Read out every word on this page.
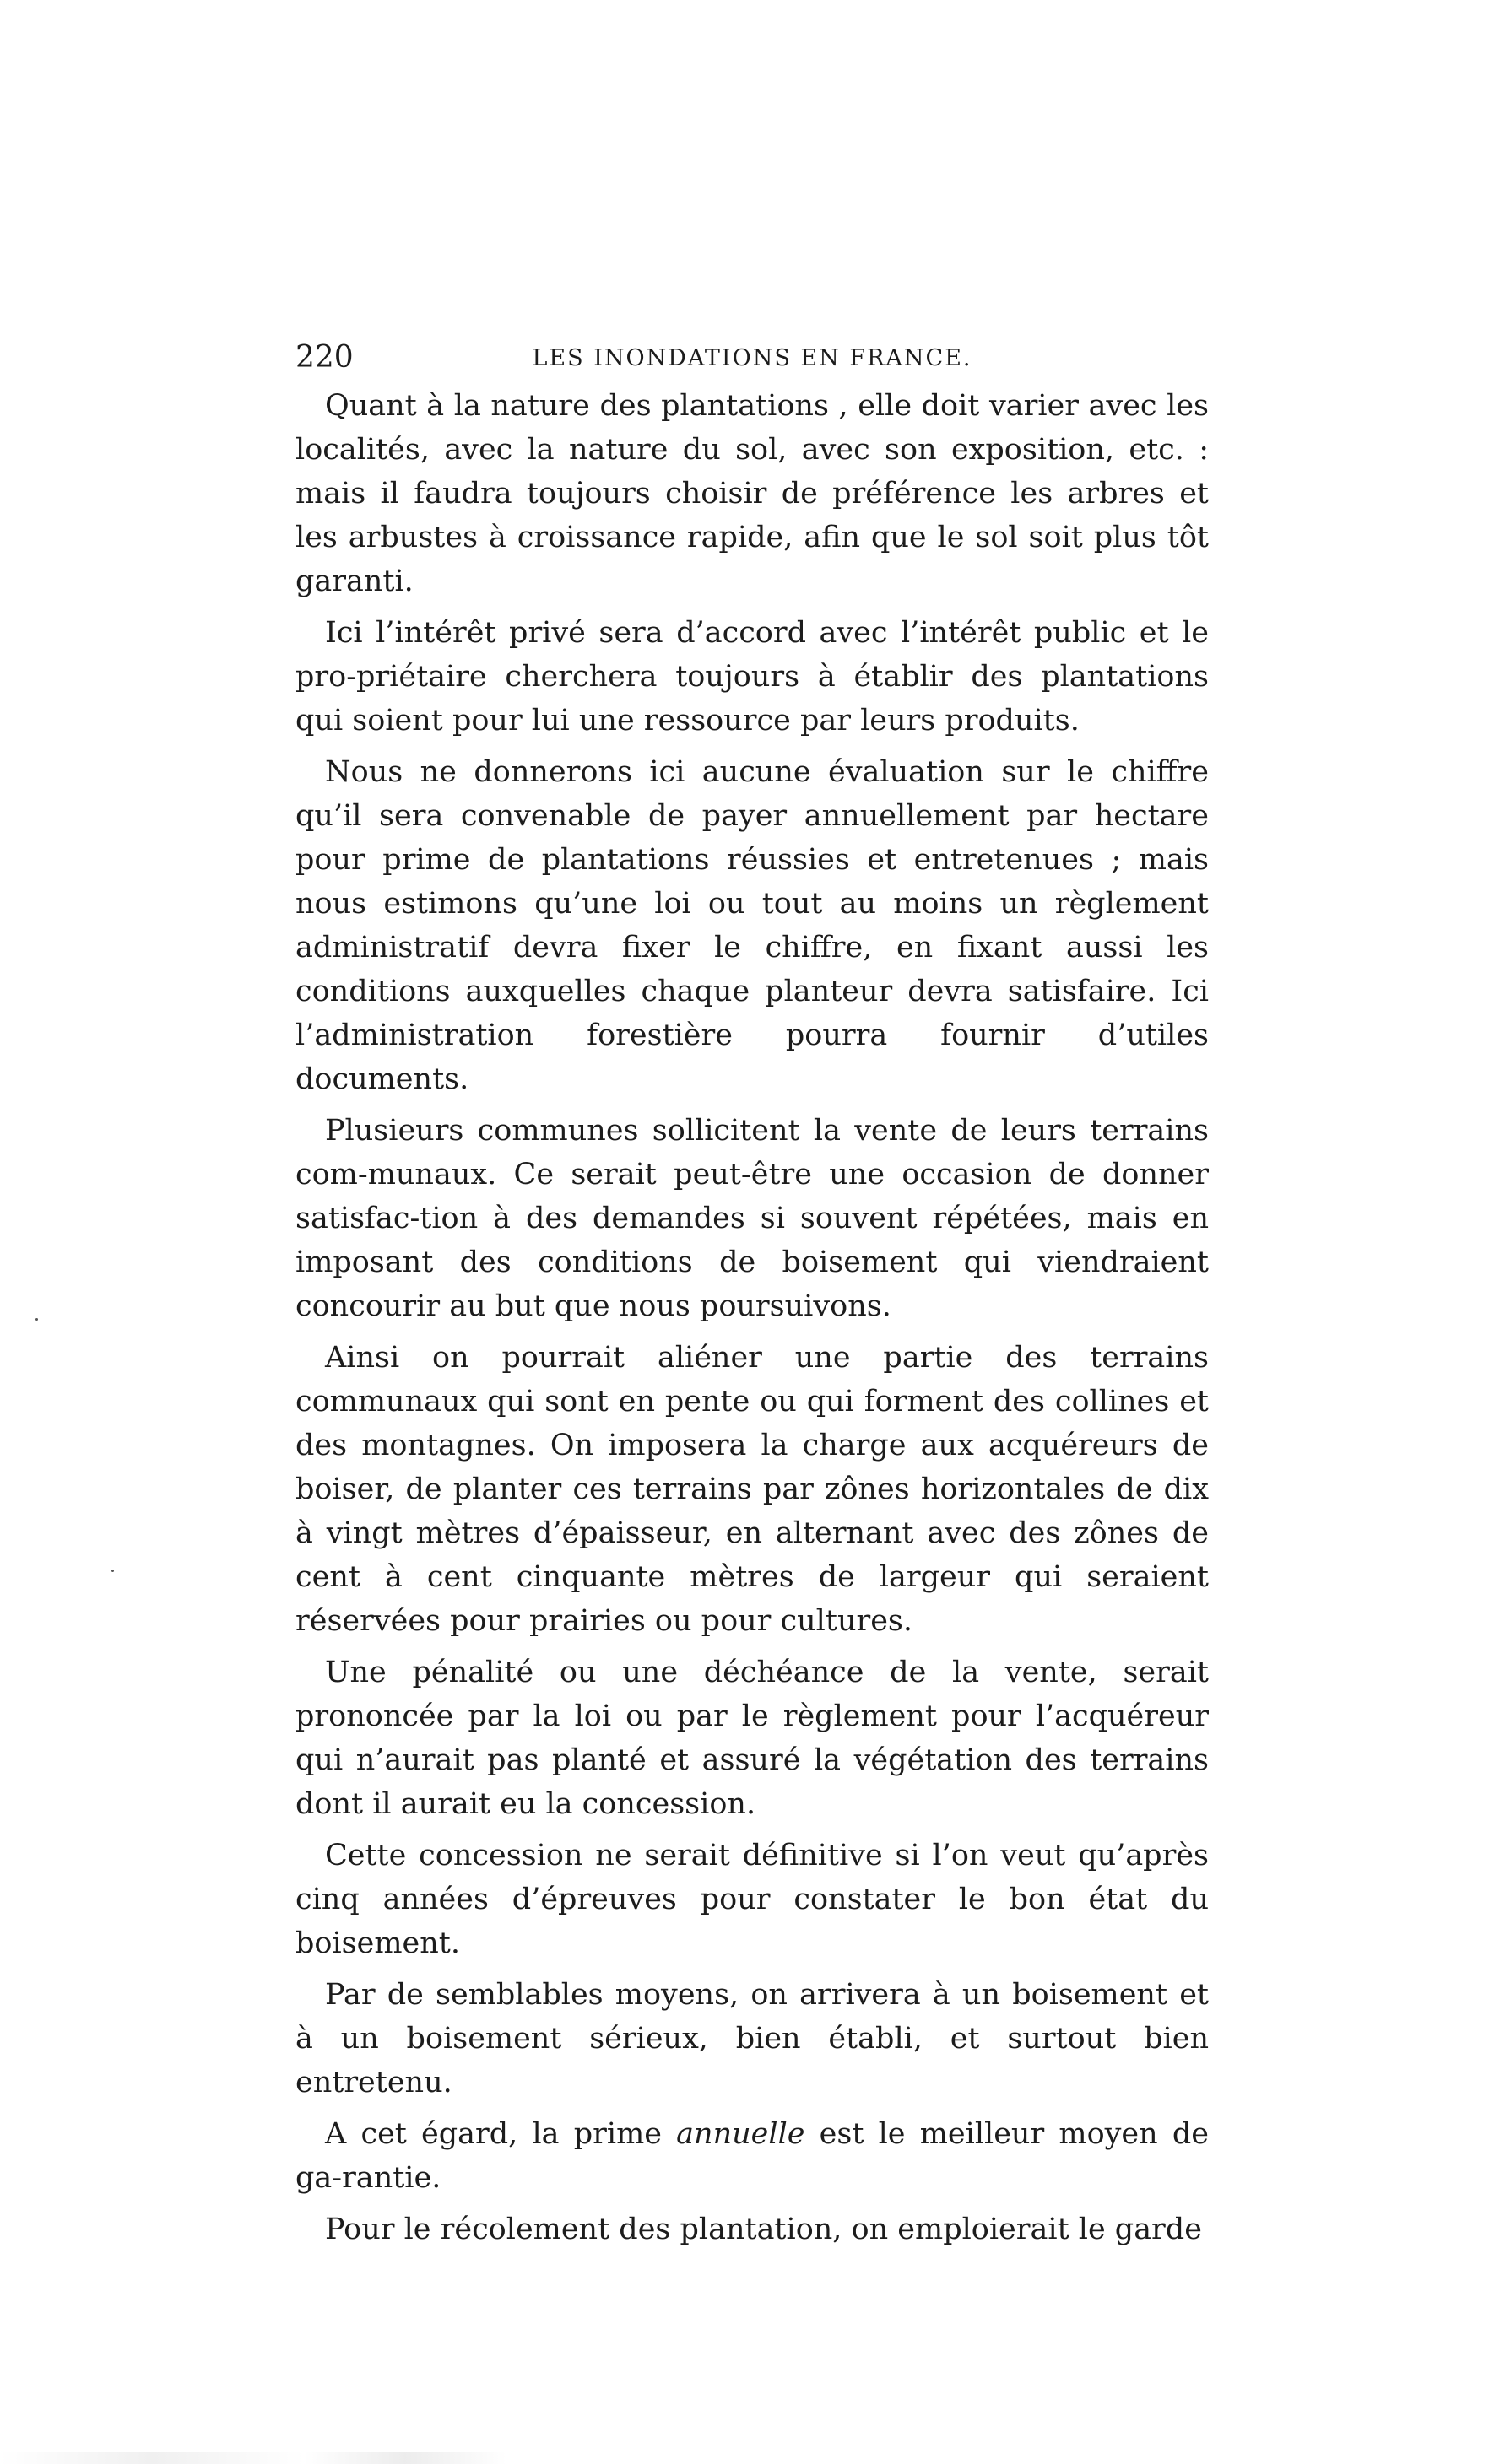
220	LES INONDATIONS EN FRANCE.

Quant à la nature des plantations , elle doit varier avec les localités, avec la nature du sol, avec son exposition, etc. : mais il faudra toujours choisir de préférence les arbres et les arbustes à croissance rapide, afin que le sol soit plus tôt garanti.

Ici l’intérêt privé sera d’accord avec l’intérêt public et le pro-priétaire cherchera toujours à établir des plantations qui soient pour lui une ressource par leurs produits.

Nous ne donnerons ici aucune évaluation sur le chiffre qu’il sera convenable de payer annuellement par hectare pour prime de plantations réussies et entretenues ; mais nous estimons qu’une loi ou tout au moins un règlement administratif devra fixer le chiffre, en fixant aussi les conditions auxquelles chaque planteur devra satisfaire. Ici l’administration forestière pourra fournir d’utiles documents.

Plusieurs communes sollicitent la vente de leurs terrains com-munaux. Ce serait peut-être une occasion de donner satisfac-tion à des demandes si souvent répétées, mais en imposant des conditions de boisement qui viendraient concourir au but que nous poursuivons.

Ainsi on pourrait aliéner une partie des terrains communaux qui sont en pente ou qui forment des collines et des montagnes. On imposera la charge aux acquéreurs de boiser, de planter ces terrains par zônes horizontales de dix à vingt mètres d’épaisseur, en alternant avec des zônes de cent à cent cinquante mètres de largeur qui seraient réservées pour prairies ou pour cultures.

Une pénalité ou une déchéance de la vente, serait prononcée par la loi ou par le règlement pour l’acquéreur qui n’aurait pas planté et assuré la végétation des terrains dont il aurait eu la concession.

Cette concession ne serait définitive si l’on veut qu’après cinq années d’épreuves pour constater le bon état du boisement.

Par de semblables moyens, on arrivera à un boisement et à un boisement sérieux, bien établi, et surtout bien entretenu.

A cet égard, la prime annuelle est le meilleur moyen de ga-rantie.

Pour le récolement des plantation, on emploierait le garde
